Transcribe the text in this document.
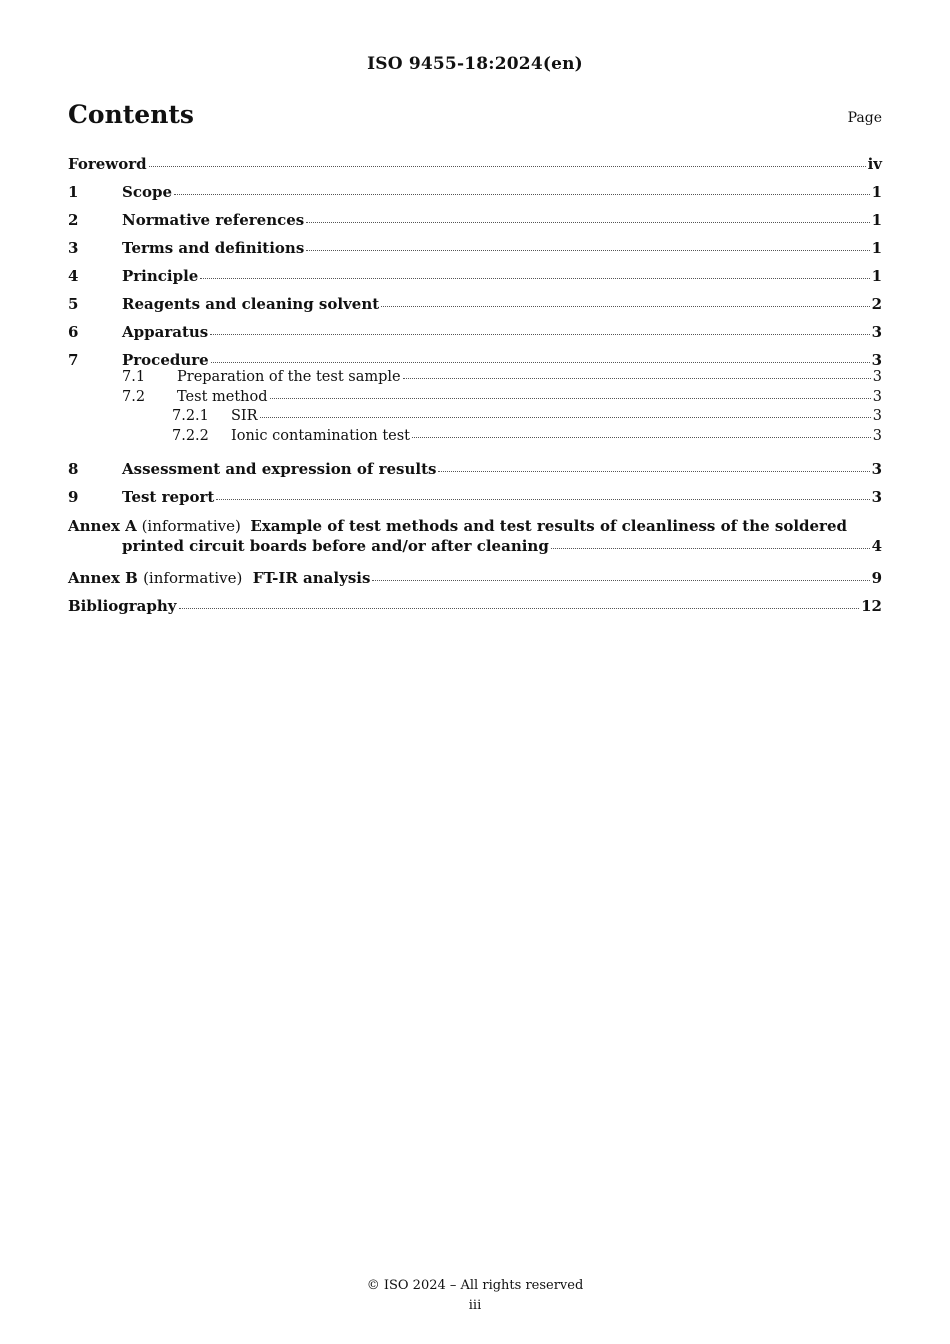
ISO 9455-18:2024(en)
Contents	Page
Foreword	iv
1	Scope	1
2	Normative references	1
3	Terms and definitions	1
4	Principle	1
5	Reagents and cleaning solvent	2
6	Apparatus	3
7	Procedure	3
7.1	Preparation of the test sample	3
7.2	Test method	3
7.2.1	SIR	3
7.2.2	Ionic contamination test	3
8	Assessment and expression of results	3
9	Test report	3
Annex A (informative) Example of test methods and test results of cleanliness of the soldered
printed circuit boards before and/or after cleaning	4
Annex B (informative) FT-IR analysis	9
Bibliography	12
© ISO 2024 – All rights reserved
iii
